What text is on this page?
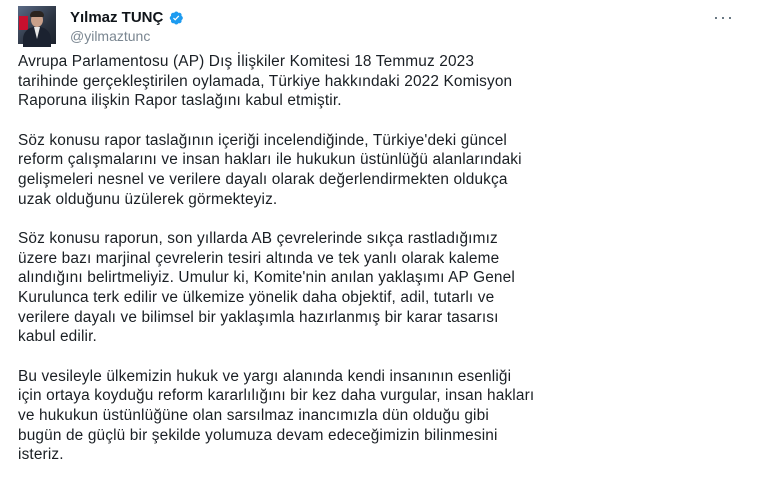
Yılmaz TUNÇ
@yilmaztunc
···

Avrupa Parlamentosu (AP) Dış İlişkiler Komitesi 18 Temmuz 2023
tarihinde gerçekleştirilen oylamada, Türkiye hakkındaki 2022 Komisyon
Raporuna ilişkin Rapor taslağını kabul etmiştir.

Söz konusu rapor taslağının içeriği incelendiğinde, Türkiye'deki güncel
reform çalışmalarını ve insan hakları ile hukukun üstünlüğü alanlarındaki
gelişmeleri nesnel ve verilere dayalı olarak değerlendirmekten oldukça
uzak olduğunu üzülerek görmekteyiz.

Söz konusu raporun, son yıllarda AB çevrelerinde sıkça rastladığımız
üzere bazı marjinal çevrelerin tesiri altında ve tek yanlı olarak kaleme
alındığını belirtmeliyiz. Umulur ki, Komite'nin anılan yaklaşımı AP Genel
Kurulunca terk edilir ve ülkemize yönelik daha objektif, adil, tutarlı ve
verilere dayalı ve bilimsel bir yaklaşımla hazırlanmış bir karar tasarısı
kabul edilir.

Bu vesileyle ülkemizin hukuk ve yargı alanında kendi insanının esenliği
için ortaya koyduğu reform kararlılığını bir kez daha vurgular, insan hakları
ve hukukun üstünlüğüne olan sarsılmaz inancımızla dün olduğu gibi
bugün de güçlü bir şekilde yolumuza devam edeceğimizin bilinmesini
isteriz.
